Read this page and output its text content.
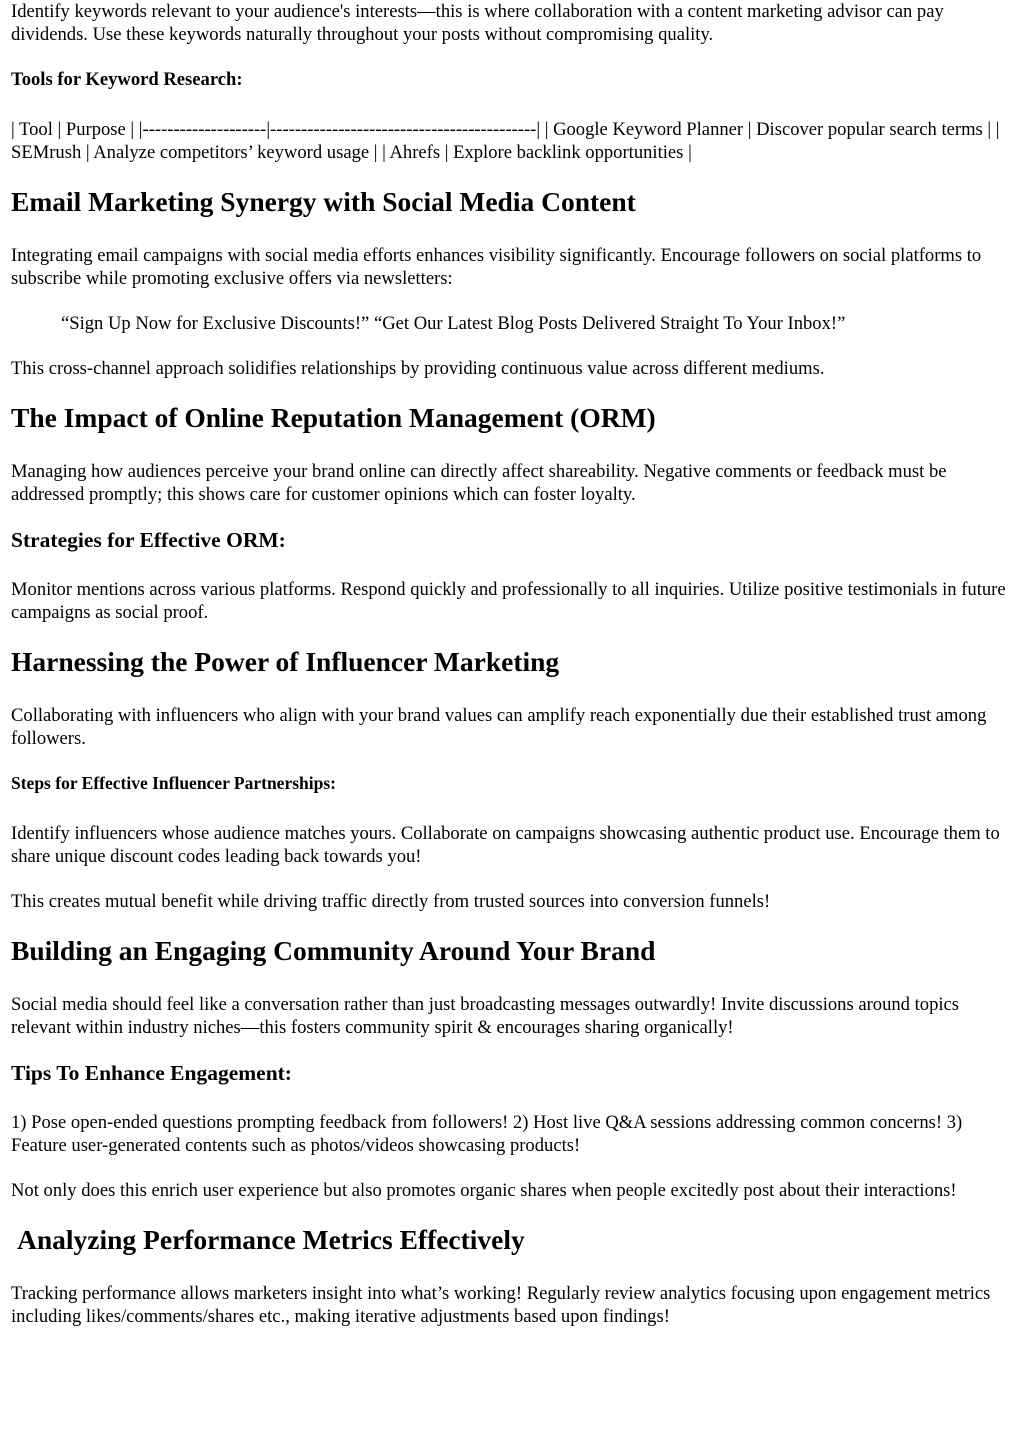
Identify keywords relevant to your audience's interests—this is where collaboration with a content marketing advisor can pay dividends. Use these keywords naturally throughout your posts without compromising quality.

Tools for Keyword Research:

| Tool | Purpose | |--------------------|-------------------------------------------| | Google Keyword Planner | Discover popular search terms | | SEMrush | Analyze competitors’ keyword usage | | Ahrefs | Explore backlink opportunities |

Email Marketing Synergy with Social Media Content

Integrating email campaigns with social media efforts enhances visibility significantly. Encourage followers on social platforms to subscribe while promoting exclusive offers via newsletters:

“Sign Up Now for Exclusive Discounts!” “Get Our Latest Blog Posts Delivered Straight To Your Inbox!”

This cross-channel approach solidifies relationships by providing continuous value across different mediums.

The Impact of Online Reputation Management (ORM)

Managing how audiences perceive your brand online can directly affect shareability. Negative comments or feedback must be addressed promptly; this shows care for customer opinions which can foster loyalty.

Strategies for Effective ORM:

Monitor mentions across various platforms. Respond quickly and professionally to all inquiries. Utilize positive testimonials in future campaigns as social proof.

Harnessing the Power of Influencer Marketing

Collaborating with influencers who align with your brand values can amplify reach exponentially due their established trust among followers.

Steps for Effective Influencer Partnerships:

Identify influencers whose audience matches yours. Collaborate on campaigns showcasing authentic product use. Encourage them to share unique discount codes leading back towards you!

This creates mutual benefit while driving traffic directly from trusted sources into conversion funnels!

Building an Engaging Community Around Your Brand

Social media should feel like a conversation rather than just broadcasting messages outwardly! Invite discussions around topics relevant within industry niches—this fosters community spirit & encourages sharing organically!

Tips To Enhance Engagement:

1) Pose open-ended questions prompting feedback from followers! 2) Host live Q&A sessions addressing common concerns! 3) Feature user-generated contents such as photos/videos showcasing products!

Not only does this enrich user experience but also promotes organic shares when people excitedly post about their interactions!

Analyzing Performance Metrics Effectively

Tracking performance allows marketers insight into what’s working! Regularly review analytics focusing upon engagement metrics including likes/comments/shares etc., making iterative adjustments based upon findings!
